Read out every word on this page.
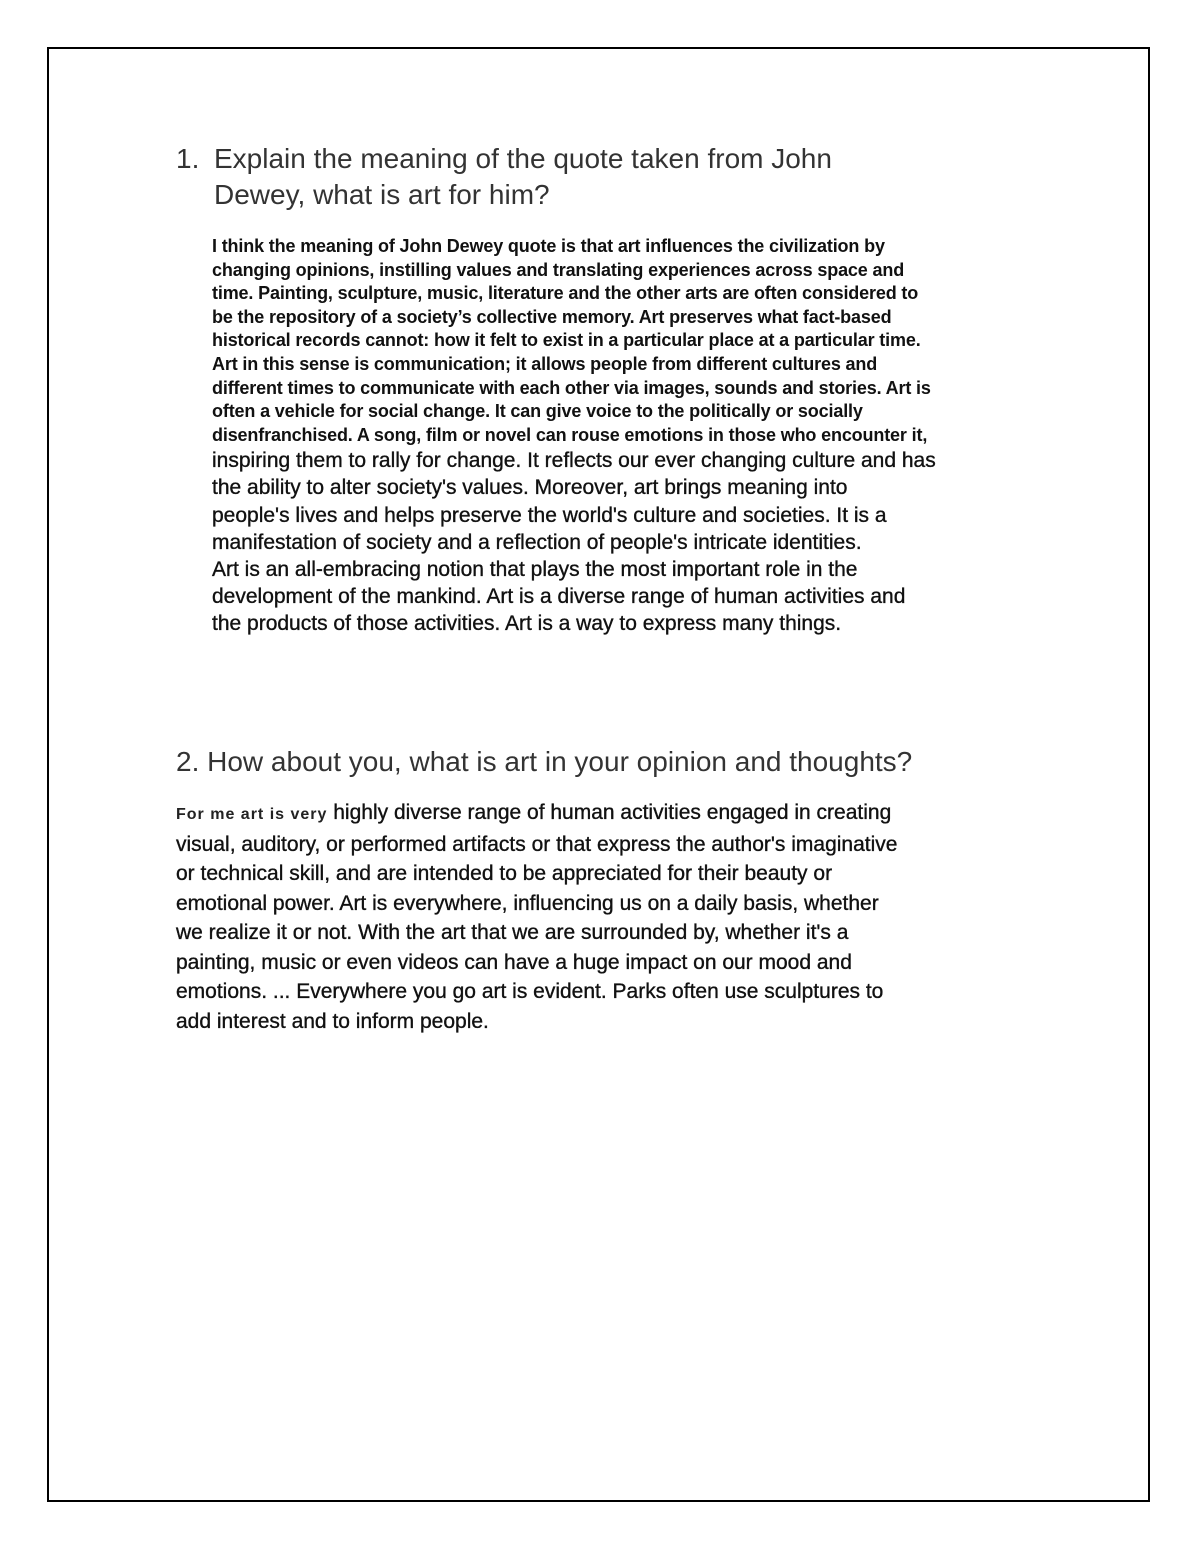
1. Explain the meaning of the quote taken from John
Dewey, what is art for him?
I think the meaning of John Dewey quote is that art influences the civilization by
changing opinions, instilling values and translating experiences across space and
time. Painting, sculpture, music, literature and the other arts are often considered to
be the repository of a society’s collective memory. Art preserves what fact-based
historical records cannot: how it felt to exist in a particular place at a particular time.
Art in this sense is communication; it allows people from different cultures and
different times to communicate with each other via images, sounds and stories. Art is
often a vehicle for social change. It can give voice to the politically or socially
disenfranchised. A song, film or novel can rouse emotions in those who encounter it,
inspiring them to rally for change. It reflects our ever changing culture and has
the ability to alter society's values. Moreover, art brings meaning into
people's lives and helps preserve the world's culture and societies. It is a
manifestation of society and a reflection of people's intricate identities.
Art is an all-embracing notion that plays the most important role in the
development of the mankind. Art is a diverse range of human activities and
the products of those activities. Art is a way to express many things.
2. How about you, what is art in your opinion and thoughts?
For me art is very highly diverse range of human activities engaged in creating
visual, auditory, or performed artifacts or that express the author's imaginative
or technical skill, and are intended to be appreciated for their beauty or
emotional power. Art is everywhere, influencing us on a daily basis, whether
we realize it or not. With the art that we are surrounded by, whether it's a
painting, music or even videos can have a huge impact on our mood and
emotions. ... Everywhere you go art is evident. Parks often use sculptures to
add interest and to inform people.
